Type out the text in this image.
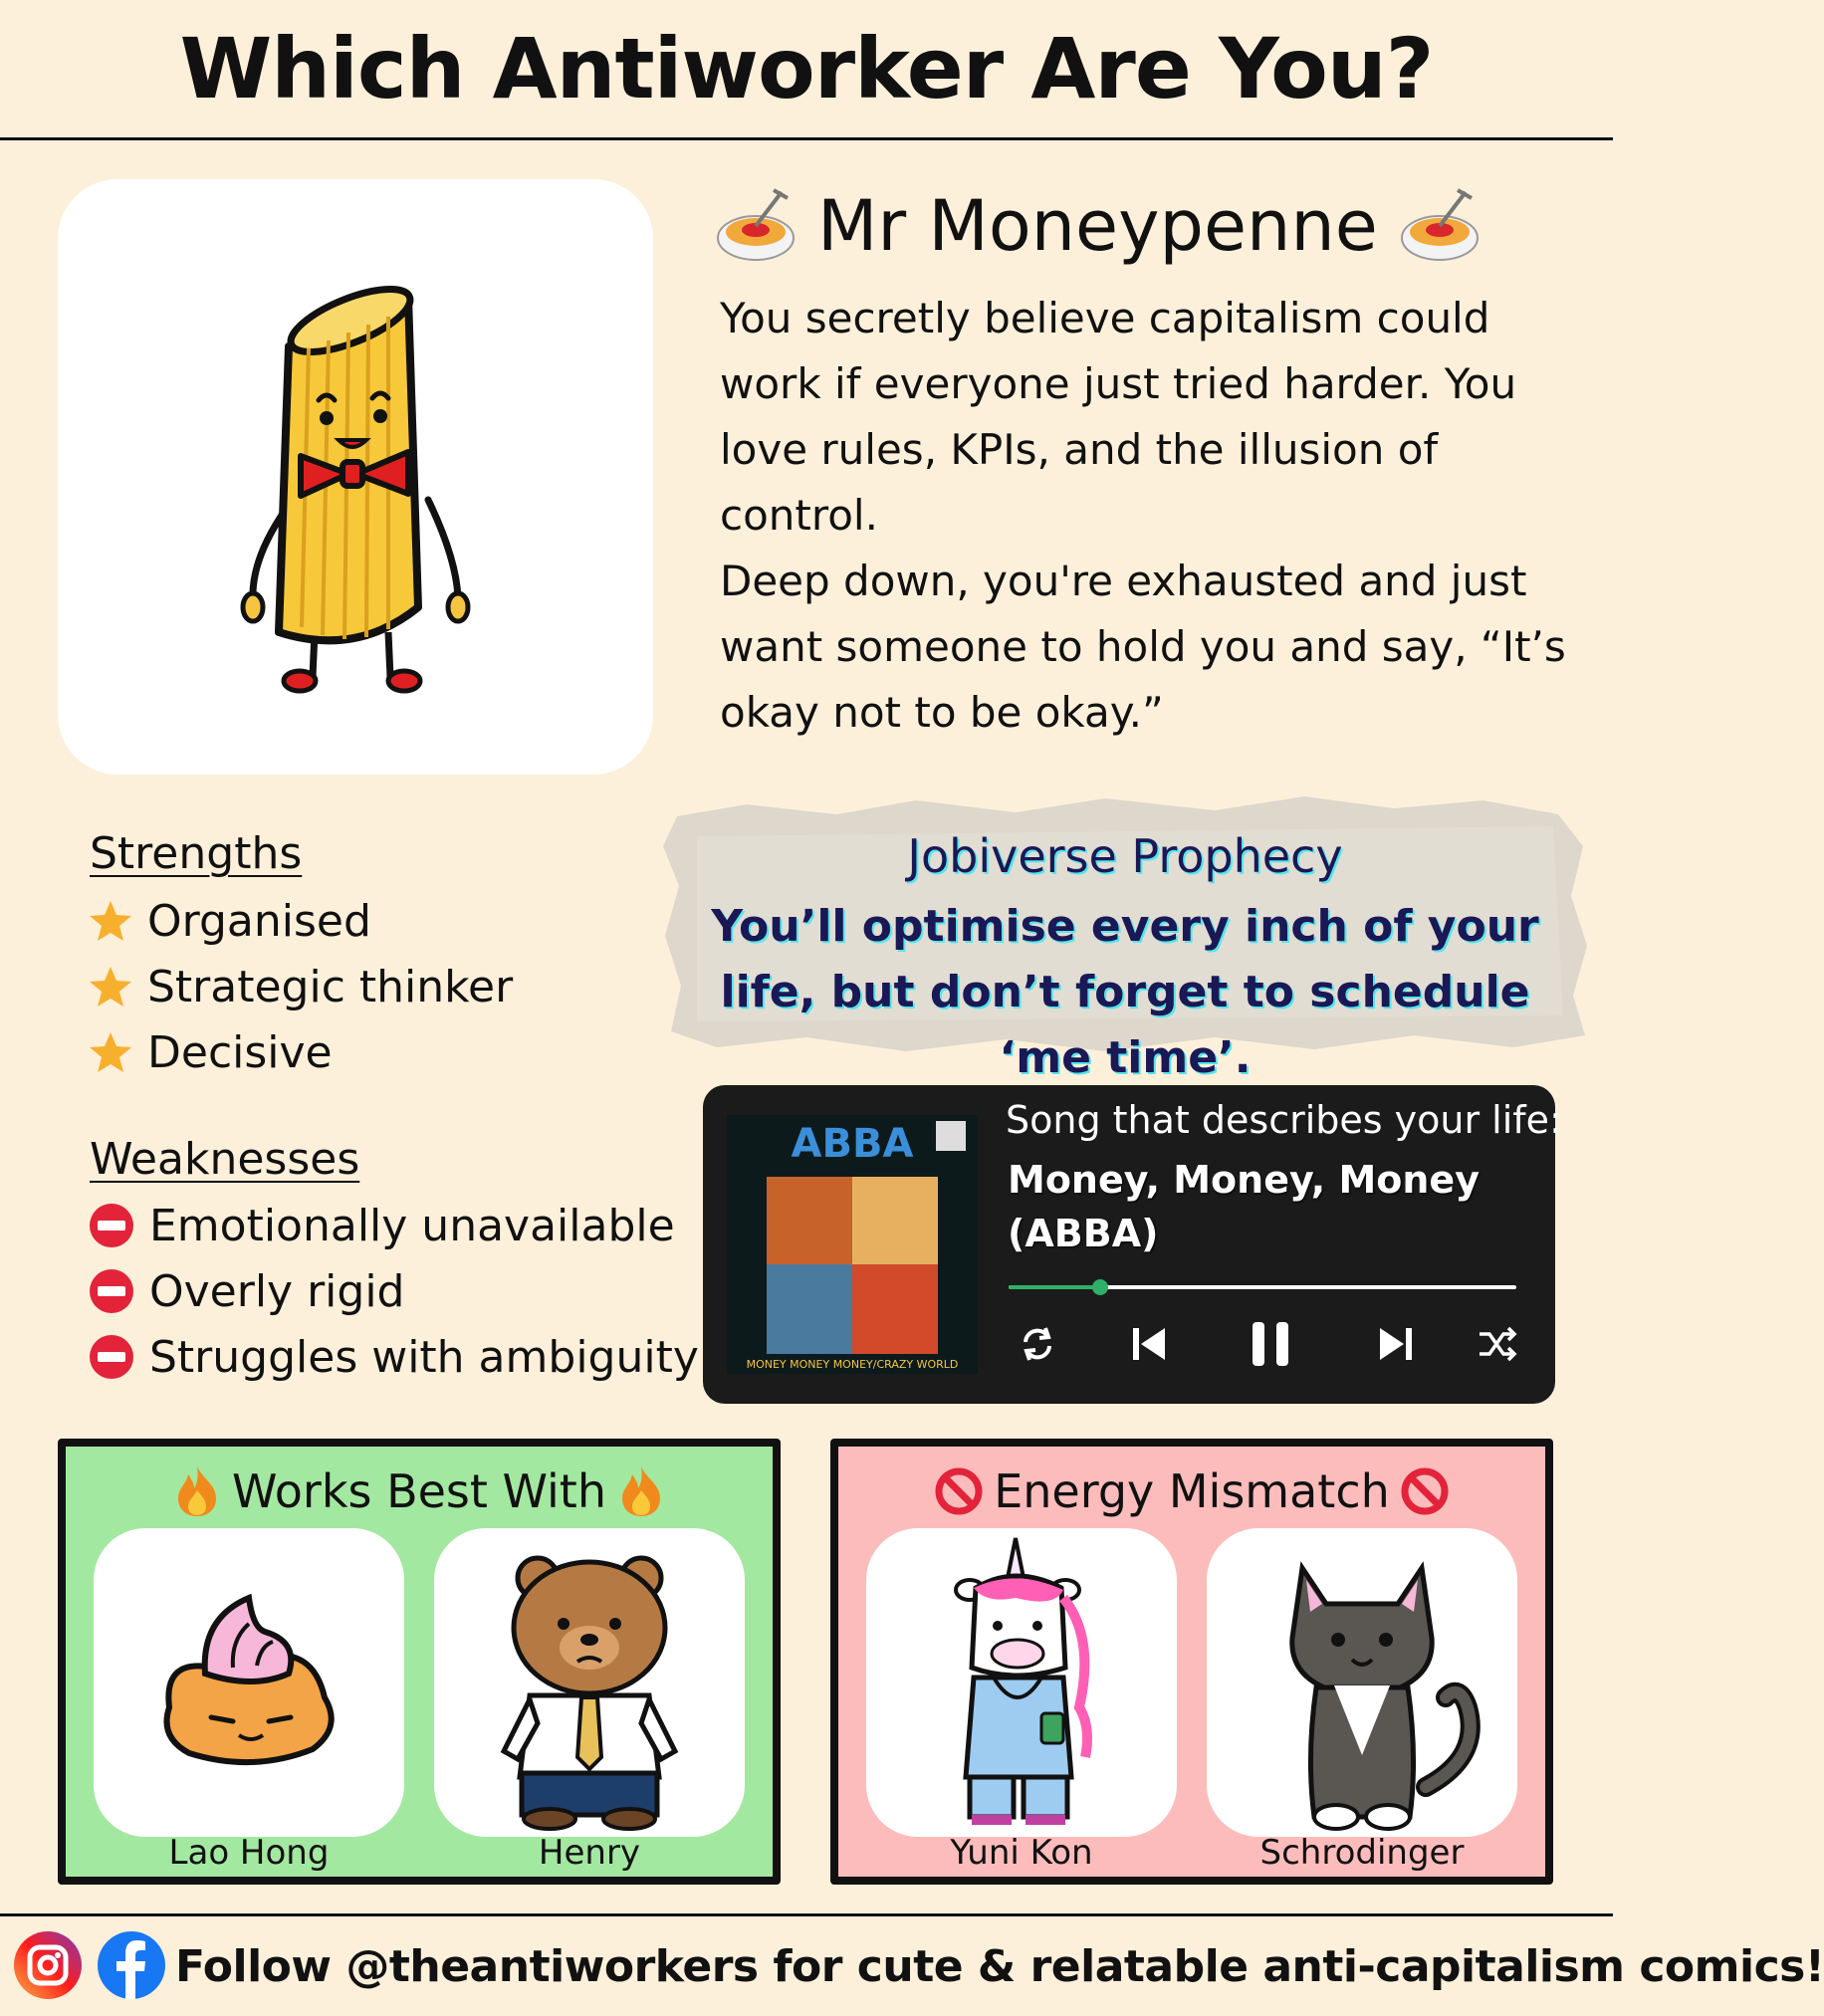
Which Antiworker Are You?
Mr Moneypenne
You secretly believe capitalism could
work if everyone just tried harder. You
love rules, KPIs, and the illusion of control.
Deep down, you're exhausted and just
want someone to hold you and say, “It’s
okay not to be okay.”
Strengths
Organised
Strategic thinker
Decisive
Weaknesses
Emotionally unavailable
Overly rigid
Struggles with ambiguity
Jobiverse Prophecy
You’ll optimise every inch of your life, but don’t forget to schedule ‘me time’.
ABBA
MONEY MONEY MONEY/CRAZY WORLD
Song that describes your life:
Money, Money, Money
(ABBA)
Works Best With
Lao Hong	Henry
Energy Mismatch
Yuni Kon	Schrodinger
Follow @theantiworkers for cute & relatable anti-capitalism comics!
